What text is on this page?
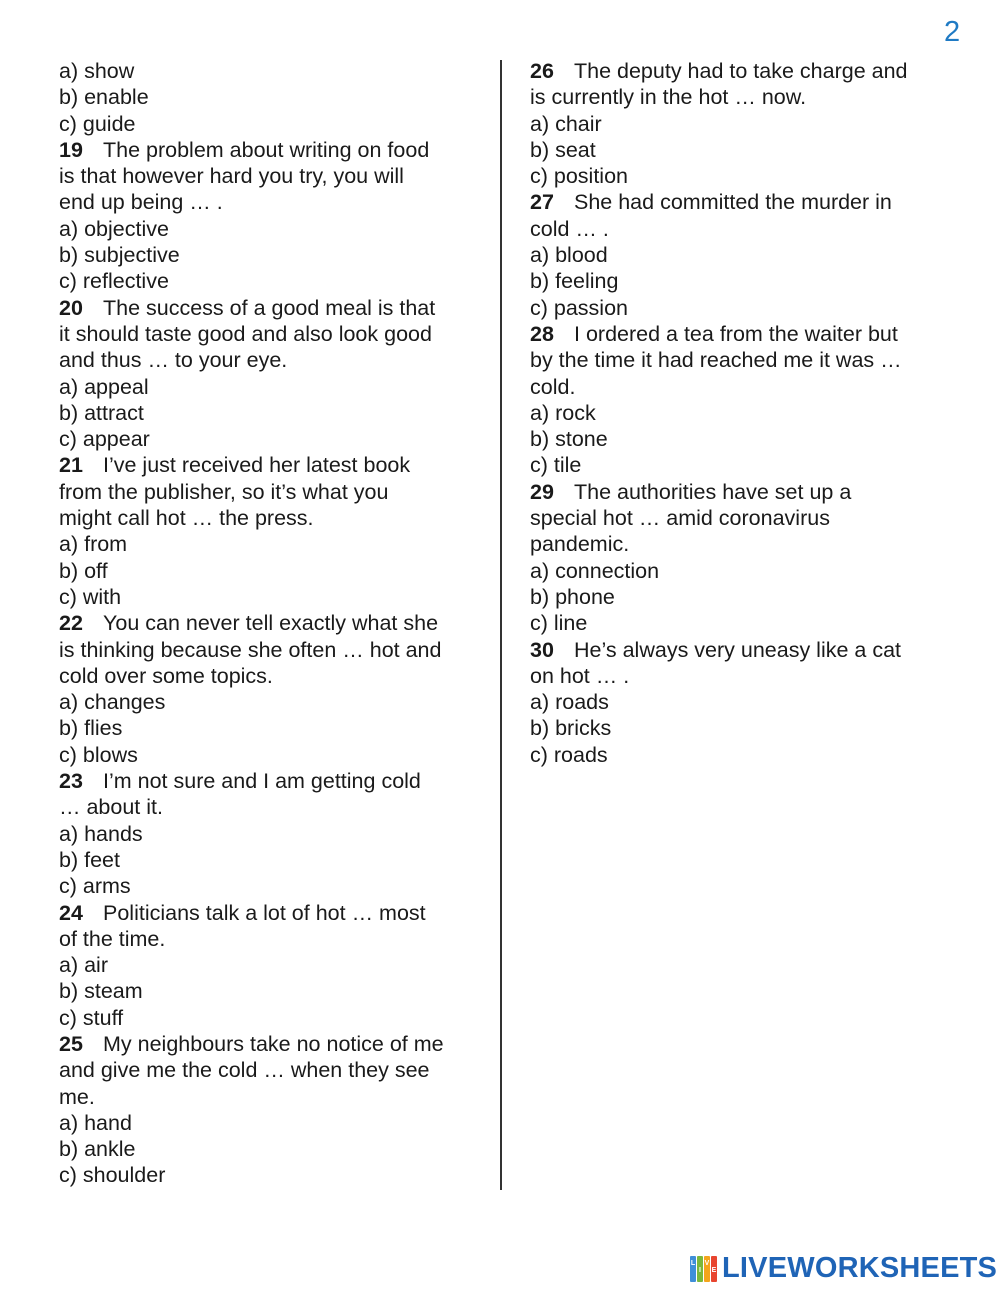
2
a) show
b) enable
c) guide
19 The problem about writing on food
is that however hard you try, you will
end up being … .
a) objective
b) subjective
c) reflective
20 The success of a good meal is that
it should taste good and also look good
and thus … to your eye.
a) appeal
b) attract
c) appear
21 I’ve just received her latest book
from the publisher, so it’s what you
might call hot … the press.
a) from
b) off
c) with
22 You can never tell exactly what she
is thinking because she often … hot and
cold over some topics.
a) changes
b) flies
c) blows
23 I’m not sure and I am getting cold
… about it.
a) hands
b) feet
c) arms
24 Politicians talk a lot of hot … most
of the time.
a) air
b) steam
c) stuff
25 My neighbours take no notice of me
and give me the cold … when they see
me.
a) hand
b) ankle
c) shoulder
26 The deputy had to take charge and
is currently in the hot … now.
a) chair
b) seat
c) position
27 She had committed the murder in
cold … .
a) blood
b) feeling
c) passion
28 I ordered a tea from the waiter but
by the time it had reached me it was …
cold.
a) rock
b) stone
c) tile
29 The authorities have set up a
special hot … amid coronavirus
pandemic.
a) connection
b) phone
c) line
30 He’s always very uneasy like a cat
on hot … .
a) roads
b) bricks
c) roads
L
I
V
E LIVEWORKSHEETS
